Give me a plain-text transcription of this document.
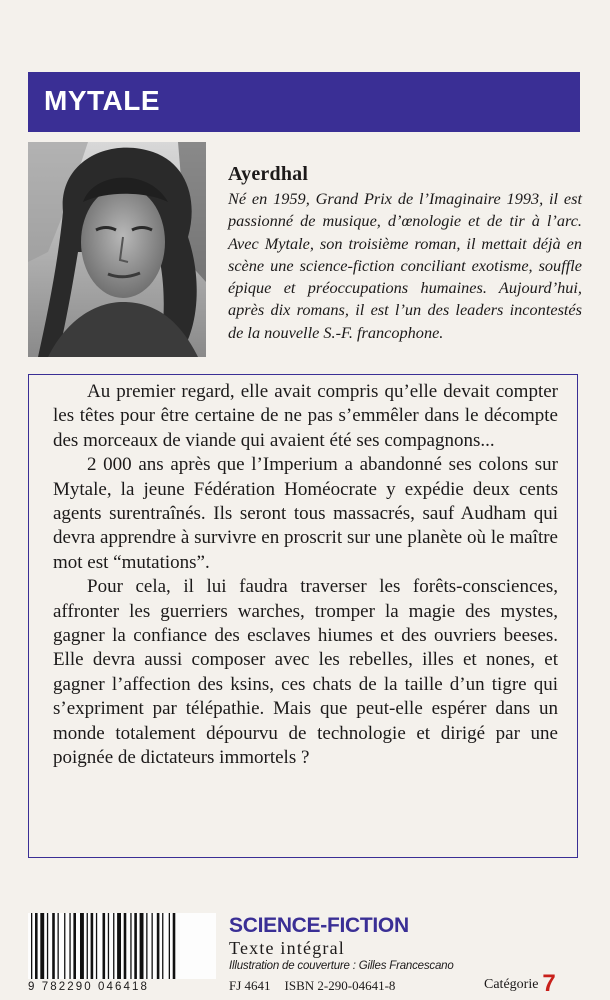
MYTALE
Ayerdhal

Né en 1959, Grand Prix de l’Imaginaire 1993, il est passionné de musique, d’œnologie et de tir à l’arc. Avec Mytale, son troisième roman, il mettait déjà en scène une science-fiction conciliant exotisme, souffle épique et préoccupations humaines. Aujourd’hui, après dix romans, il est l’un des leaders incontestés de la nouvelle S.-F. francophone.

Au premier regard, elle avait compris qu’elle devait compter les têtes pour être certaine de ne pas s’emmêler dans le décompte des morceaux de viande qui avaient été ses compagnons...

2 000 ans après que l’Imperium a abandonné ses colons sur Mytale, la jeune Fédération Homéocrate y expédie deux cents agents surentraînés. Ils seront tous massacrés, sauf Audham qui devra apprendre à survivre en proscrit sur une planète où le maître mot est “mutations”.

Pour cela, il lui faudra traverser les forêts-consciences, affronter les guerriers warches, tromper la magie des mystes, gagner la confiance des esclaves hiumes et des ouvriers beeses. Elle devra aussi composer avec les rebelles, illes et nones, et gagner l’affection des ksins, ces chats de la taille d’un tigre qui s’expriment par télépathie. Mais que peut-elle espérer dans un monde totalement dépourvu de technologie et dirigé par une poignée de dictateurs immortels ?

9 782290 046418
SCIENCE-FICTION
Texte intégral
Illustration de couverture : Gilles Francescano
FJ 4641 ISBN 2-290-04641-8	Catégorie 7
